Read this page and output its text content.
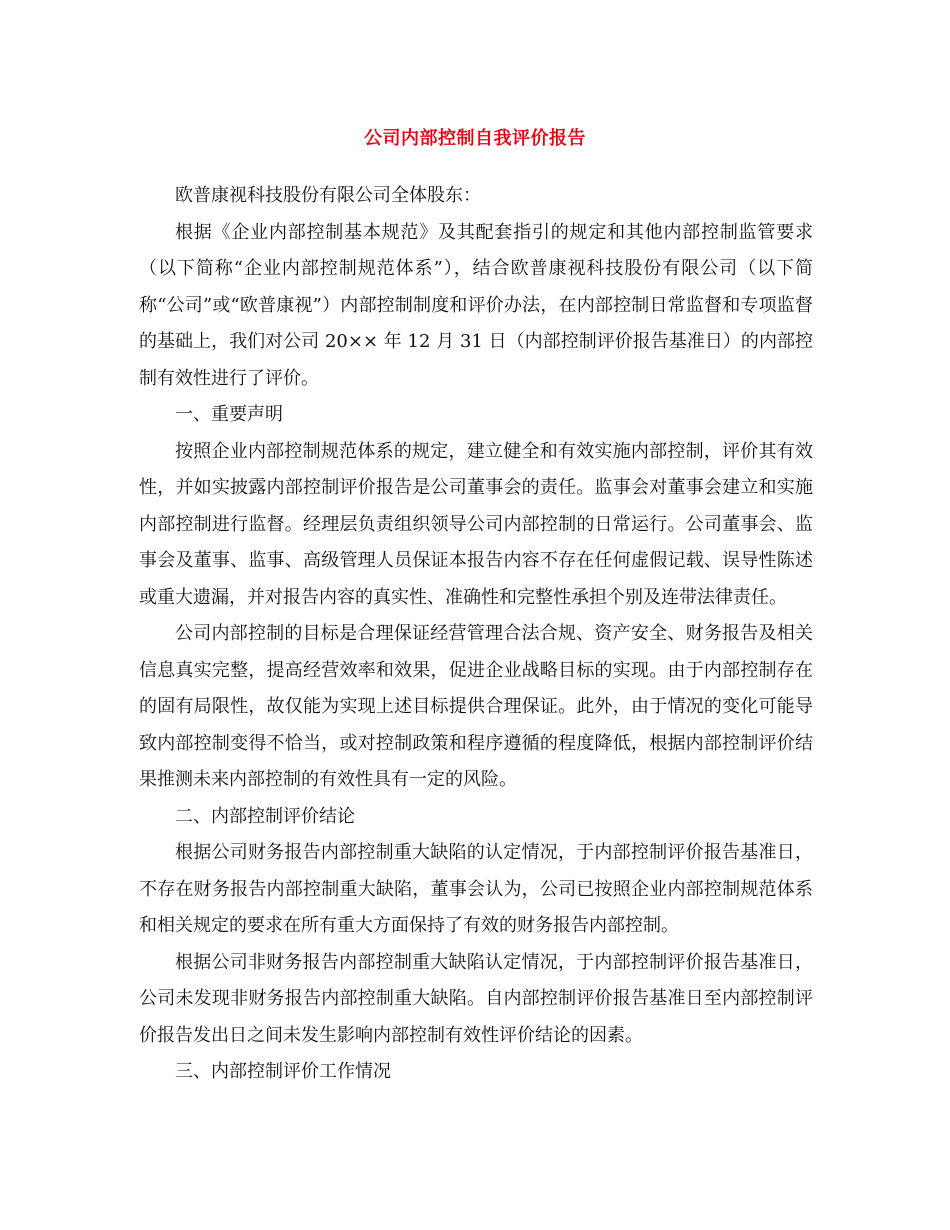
公司内部控制自我评价报告

欧普康视科技股份有限公司全体股东：

根据《企业内部控制基本规范》及其配套指引的规定和其他内部控制监管要求（以下简称“企业内部控制规范体系”），结合欧普康视科技股份有限公司（以下简称“公司”或“欧普康视”）内部控制制度和评价办法，在内部控制日常监督和专项监督的基础上，我们对公司 20×× 年 12 月 31 日（内部控制评价报告基准日）的内部控制有效性进行了评价。

一、重要声明

按照企业内部控制规范体系的规定，建立健全和有效实施内部控制，评价其有效性，并如实披露内部控制评价报告是公司董事会的责任。监事会对董事会建立和实施内部控制进行监督。经理层负责组织领导公司内部控制的日常运行。公司董事会、监事会及董事、监事、高级管理人员保证本报告内容不存在任何虚假记载、误导性陈述或重大遗漏，并对报告内容的真实性、准确性和完整性承担个别及连带法律责任。

公司内部控制的目标是合理保证经营管理合法合规、资产安全、财务报告及相关信息真实完整，提高经营效率和效果，促进企业战略目标的实现。由于内部控制存在的固有局限性，故仅能为实现上述目标提供合理保证。此外，由于情况的变化可能导致内部控制变得不恰当，或对控制政策和程序遵循的程度降低，根据内部控制评价结果推测未来内部控制的有效性具有一定的风险。

二、内部控制评价结论

根据公司财务报告内部控制重大缺陷的认定情况，于内部控制评价报告基准日，不存在财务报告内部控制重大缺陷，董事会认为，公司已按照企业内部控制规范体系和相关规定的要求在所有重大方面保持了有效的财务报告内部控制。

根据公司非财务报告内部控制重大缺陷认定情况，于内部控制评价报告基准日，公司未发现非财务报告内部控制重大缺陷。自内部控制评价报告基准日至内部控制评价报告发出日之间未发生影响内部控制有效性评价结论的因素。

三、内部控制评价工作情况
